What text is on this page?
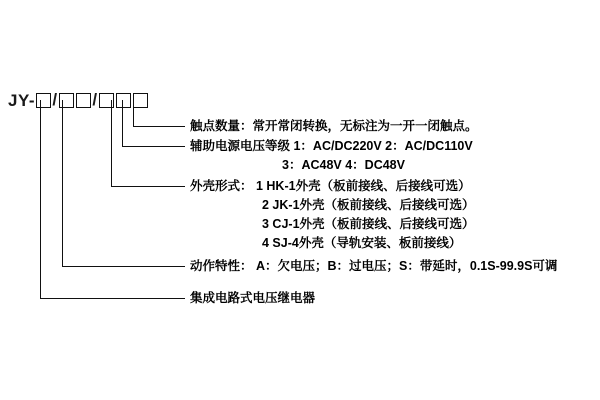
JY- / /
触点数量：常开常闭转换，无标注为一开一闭触点。
辅助电源电压等级 1：AC/DC220V 2：AC/DC110V
3：AC48V 4：DC48V
外壳形式： 1 HK-1外壳（板前接线、后接线可选）
2 JK-1外壳（板前接线、后接线可选）
3 CJ-1外壳（板前接线、后接线可选）
4 SJ-4外壳（导轨安装、板前接线）
动作特性： A：欠电压；B：过电压；S：带延时，0.1S-99.9S可调
集成电路式电压继电器
